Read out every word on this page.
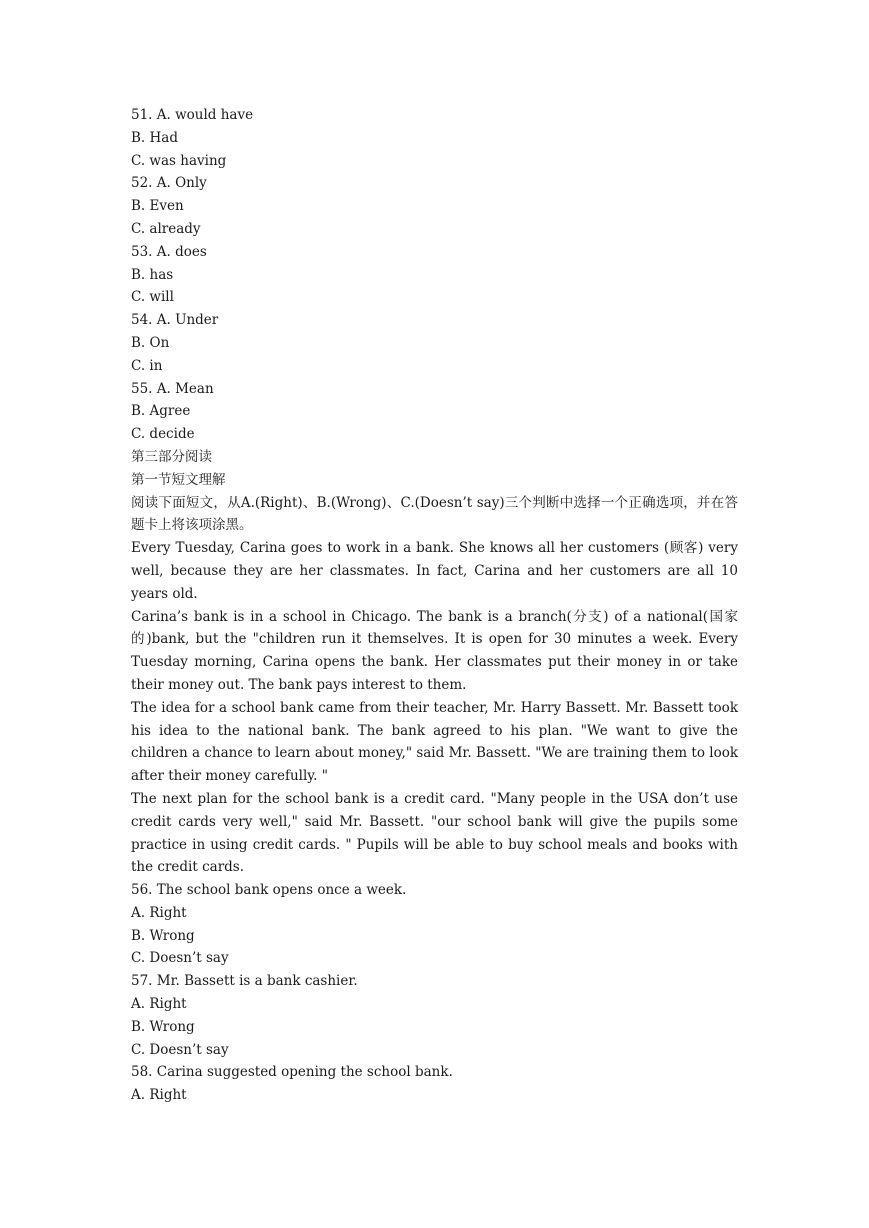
51. A. would have
B. Had
C. was having
52. A. Only
B. Even
C. already
53. A. does
B. has
C. will
54. A. Under
B. On
C. in
55. A. Mean
B. Agree
C. decide
第三部分阅读
第一节短文理解
阅读下面短文，从A.(Right)、B.(Wrong)、C.(Doesn’t say)三个判断中选择一个正确选项，并在答题卡上将该项涂黑。
Every Tuesday, Carina goes to work in a bank. She knows all her customers (顾客) very well, because they are her classmates. In fact, Carina and her customers are all 10 years old.
Carina’s bank is in a school in Chicago. The bank is a branch(分支) of a national(国家的)bank, but the "children run it themselves. It is open for 30 minutes a week. Every Tuesday morning, Carina opens the bank. Her classmates put their money in or take their money out. The bank pays interest to them.
The idea for a school bank came from their teacher, Mr. Harry Bassett. Mr. Bassett took his idea to the national bank. The bank agreed to his plan. "We want to give the children a chance to learn about money," said Mr. Bassett. "We are training them to look after their money carefully. "
The next plan for the school bank is a credit card. "Many people in the USA don’t use credit cards very well," said Mr. Bassett. "our school bank will give the pupils some practice in using credit cards. " Pupils will be able to buy school meals and books with the credit cards.
56. The school bank opens once a week.
A. Right
B. Wrong
C. Doesn’t say
57. Mr. Bassett is a bank cashier.
A. Right
B. Wrong
C. Doesn’t say
58. Carina suggested opening the school bank.
A. Right
